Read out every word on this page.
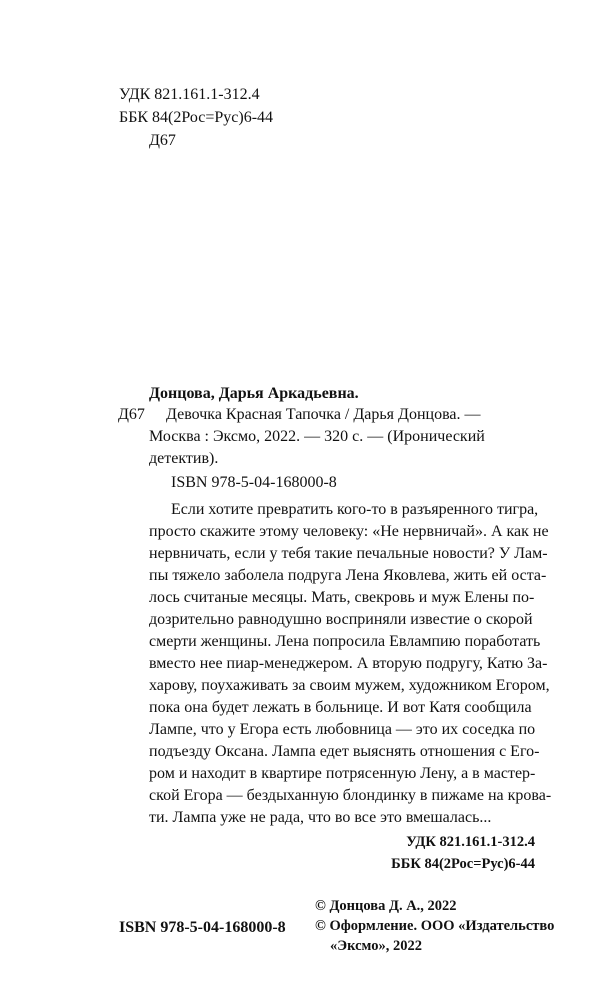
УДК 821.161.1-312.4
ББК 84(2Рос=Рус)6-44
Д67
Донцова, Дарья Аркадьевна.
Д67 Девочка Красная Тапочка / Дарья Донцова. —
Москва : Эксмо, 2022. — 320 с. — (Иронический
детектив).
ISBN 978-5-04-168000-8
Если хотите превратить кого-то в разъяренного тигра,
просто скажите этому человеку: «Не нервничай». А как не
нервничать, если у тебя такие печальные новости? У Лам-
пы тяжело заболела подруга Лена Яковлева, жить ей оста-
лось считаные месяцы. Мать, свекровь и муж Елены по-
дозрительно равнодушно восприняли известие о скорой
смерти женщины. Лена попросила Евлампию поработать
вместо нее пиар-менеджером. А вторую подругу, Катю За-
харову, поухаживать за своим мужем, художником Егором,
пока она будет лежать в больнице. И вот Катя сообщила
Лампе, что у Егора есть любовница — это их соседка по
подъезду Оксана. Лампа едет выяснять отношения с Его-
ром и находит в квартире потрясенную Лену, а в мастер-
ской Егора — бездыханную блондинку в пижаме на крова-
ти. Лампа уже не рада, что во все это вмешалась...
УДК 821.161.1-312.4
ББК 84(2Рос=Рус)6-44
© Донцова Д. А., 2022
© Оформление. ООО «Издательство
«Эксмо», 2022
ISBN 978-5-04-168000-8
